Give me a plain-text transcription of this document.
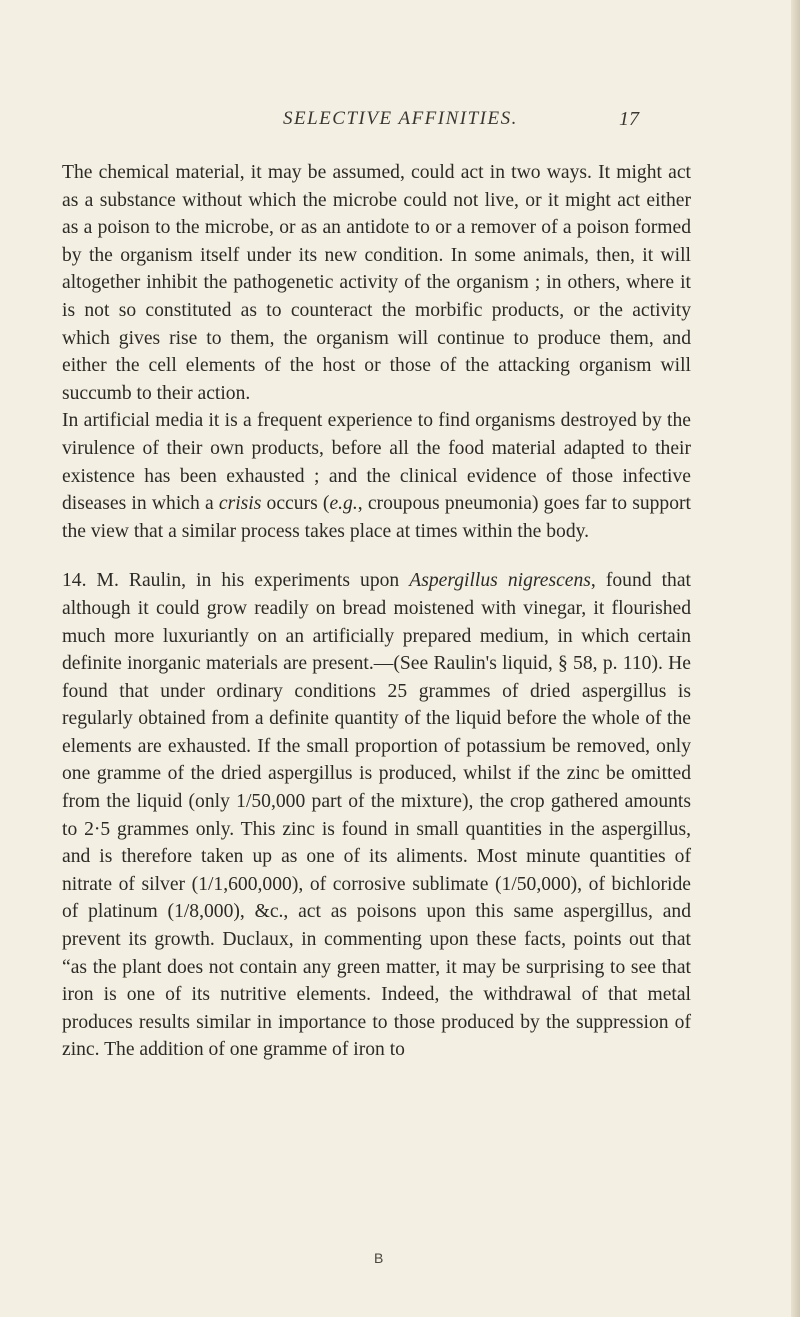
SELECTIVE AFFINITIES.	17

The chemical material, it may be assumed, could act in two ways. It might act as a substance without which the microbe could not live, or it might act either as a poison to the microbe, or as an antidote to or a remover of a poison formed by the organism itself under its new condition. In some animals, then, it will altogether inhibit the pathogenetic activity of the organism ; in others, where it is not so constituted as to counteract the morbific products, or the activity which gives rise to them, the organism will continue to produce them, and either the cell elements of the host or those of the attacking organism will succumb to their action.

In artificial media it is a frequent experience to find organisms destroyed by the virulence of their own products, before all the food material adapted to their existence has been exhausted ; and the clinical evidence of those infective diseases in which a crisis occurs (e.g., croupous pneumonia) goes far to support the view that a similar process takes place at times within the body.

14. M. Raulin, in his experiments upon Aspergillus nigrescens, found that although it could grow readily on bread moistened with vinegar, it flourished much more luxuriantly on an artificially prepared medium, in which certain definite inorganic materials are present.—(See Raulin's liquid, § 58, p. 110). He found that under ordinary conditions 25 grammes of dried aspergillus is regularly obtained from a definite quantity of the liquid before the whole of the elements are exhausted. If the small proportion of potassium be removed, only one gramme of the dried aspergillus is produced, whilst if the zinc be omitted from the liquid (only 1/50,000 part of the mixture), the crop gathered amounts to 2·5 grammes only. This zinc is found in small quantities in the aspergillus, and is therefore taken up as one of its aliments. Most minute quantities of nitrate of silver (1/1,600,000), of corrosive sublimate (1/50,000), of bichloride of platinum (1/8,000), &c., act as poisons upon this same aspergillus, and prevent its growth. Duclaux, in commenting upon these facts, points out that “as the plant does not contain any green matter, it may be surprising to see that iron is one of its nutritive elements. Indeed, the withdrawal of that metal produces results similar in importance to those produced by the suppression of zinc. The addition of one gramme of iron to

B
